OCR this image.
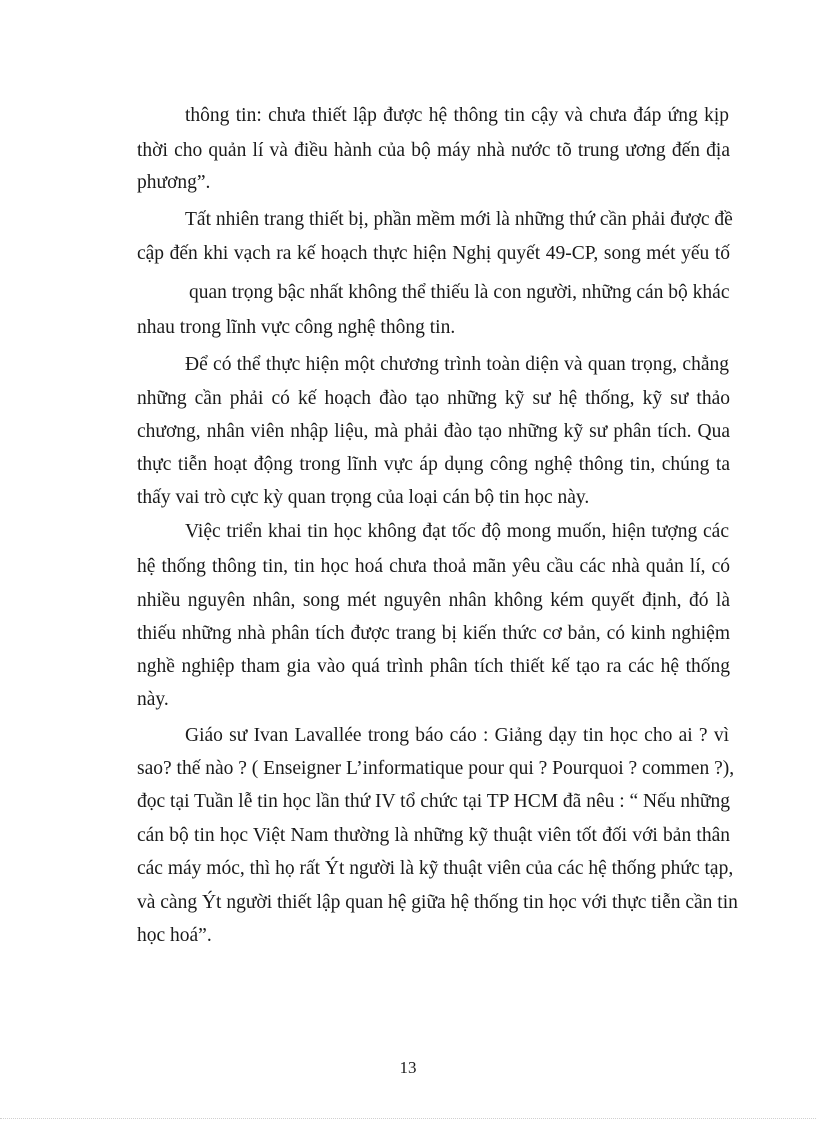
thông tin: chưa thiết lập được hệ thông tin cậy và chưa đáp ứng kịp
thời cho quản lí và điều hành của bộ máy nhà nước tõ trung ương đến địa
phương”.
Tất nhiên trang thiết bị, phần mềm mới là những thứ cần phải được đề
cập đến khi vạch ra kế hoạch thực hiện Nghị quyết 49-CP, song mét yếu tố
quan trọng bậc nhất không thể thiếu là con người, những cán bộ khác
nhau trong lĩnh vực công nghệ thông tin.
Để có thể thực hiện một chương trình toàn diện và quan trọng, chẳng
những cần phải có kế hoạch đào tạo những kỹ sư hệ thống, kỹ sư thảo
chương, nhân viên nhập liệu, mà phải đào tạo những kỹ sư phân tích. Qua
thực tiễn hoạt động trong lĩnh vực áp dụng công nghệ thông tin, chúng ta
thấy vai trò cực kỳ quan trọng của loại cán bộ tin học này.
Việc triển khai tin học không đạt tốc độ mong muốn, hiện tượng các
hệ thống thông tin, tin học hoá chưa thoả mãn yêu cầu các nhà quản lí, có
nhiều nguyên nhân, song mét nguyên nhân không kém quyết định, đó là
thiếu những nhà phân tích được trang bị kiến thức cơ bản, có kinh nghiệm
nghề nghiệp tham gia vào quá trình phân tích thiết kế tạo ra các hệ thống
này.
Giáo sư Ivan Lavallée trong báo cáo : Giảng dạy tin học cho ai ? vì
sao? thế nào ? ( Enseigner L’informatique pour qui ? Pourquoi ? commen ?),
đọc tại Tuần lễ tin học lần thứ IV tổ chức tại TP HCM đã nêu : “ Nếu những
cán bộ tin học Việt Nam thường là những kỹ thuật viên tốt đối với bản thân
các máy móc, thì họ rất Ýt người là kỹ thuật viên của các hệ thống phức tạp,
và càng Ýt người thiết lập quan hệ giữa hệ thống tin học với thực tiễn cần tin
học hoá”.
13
